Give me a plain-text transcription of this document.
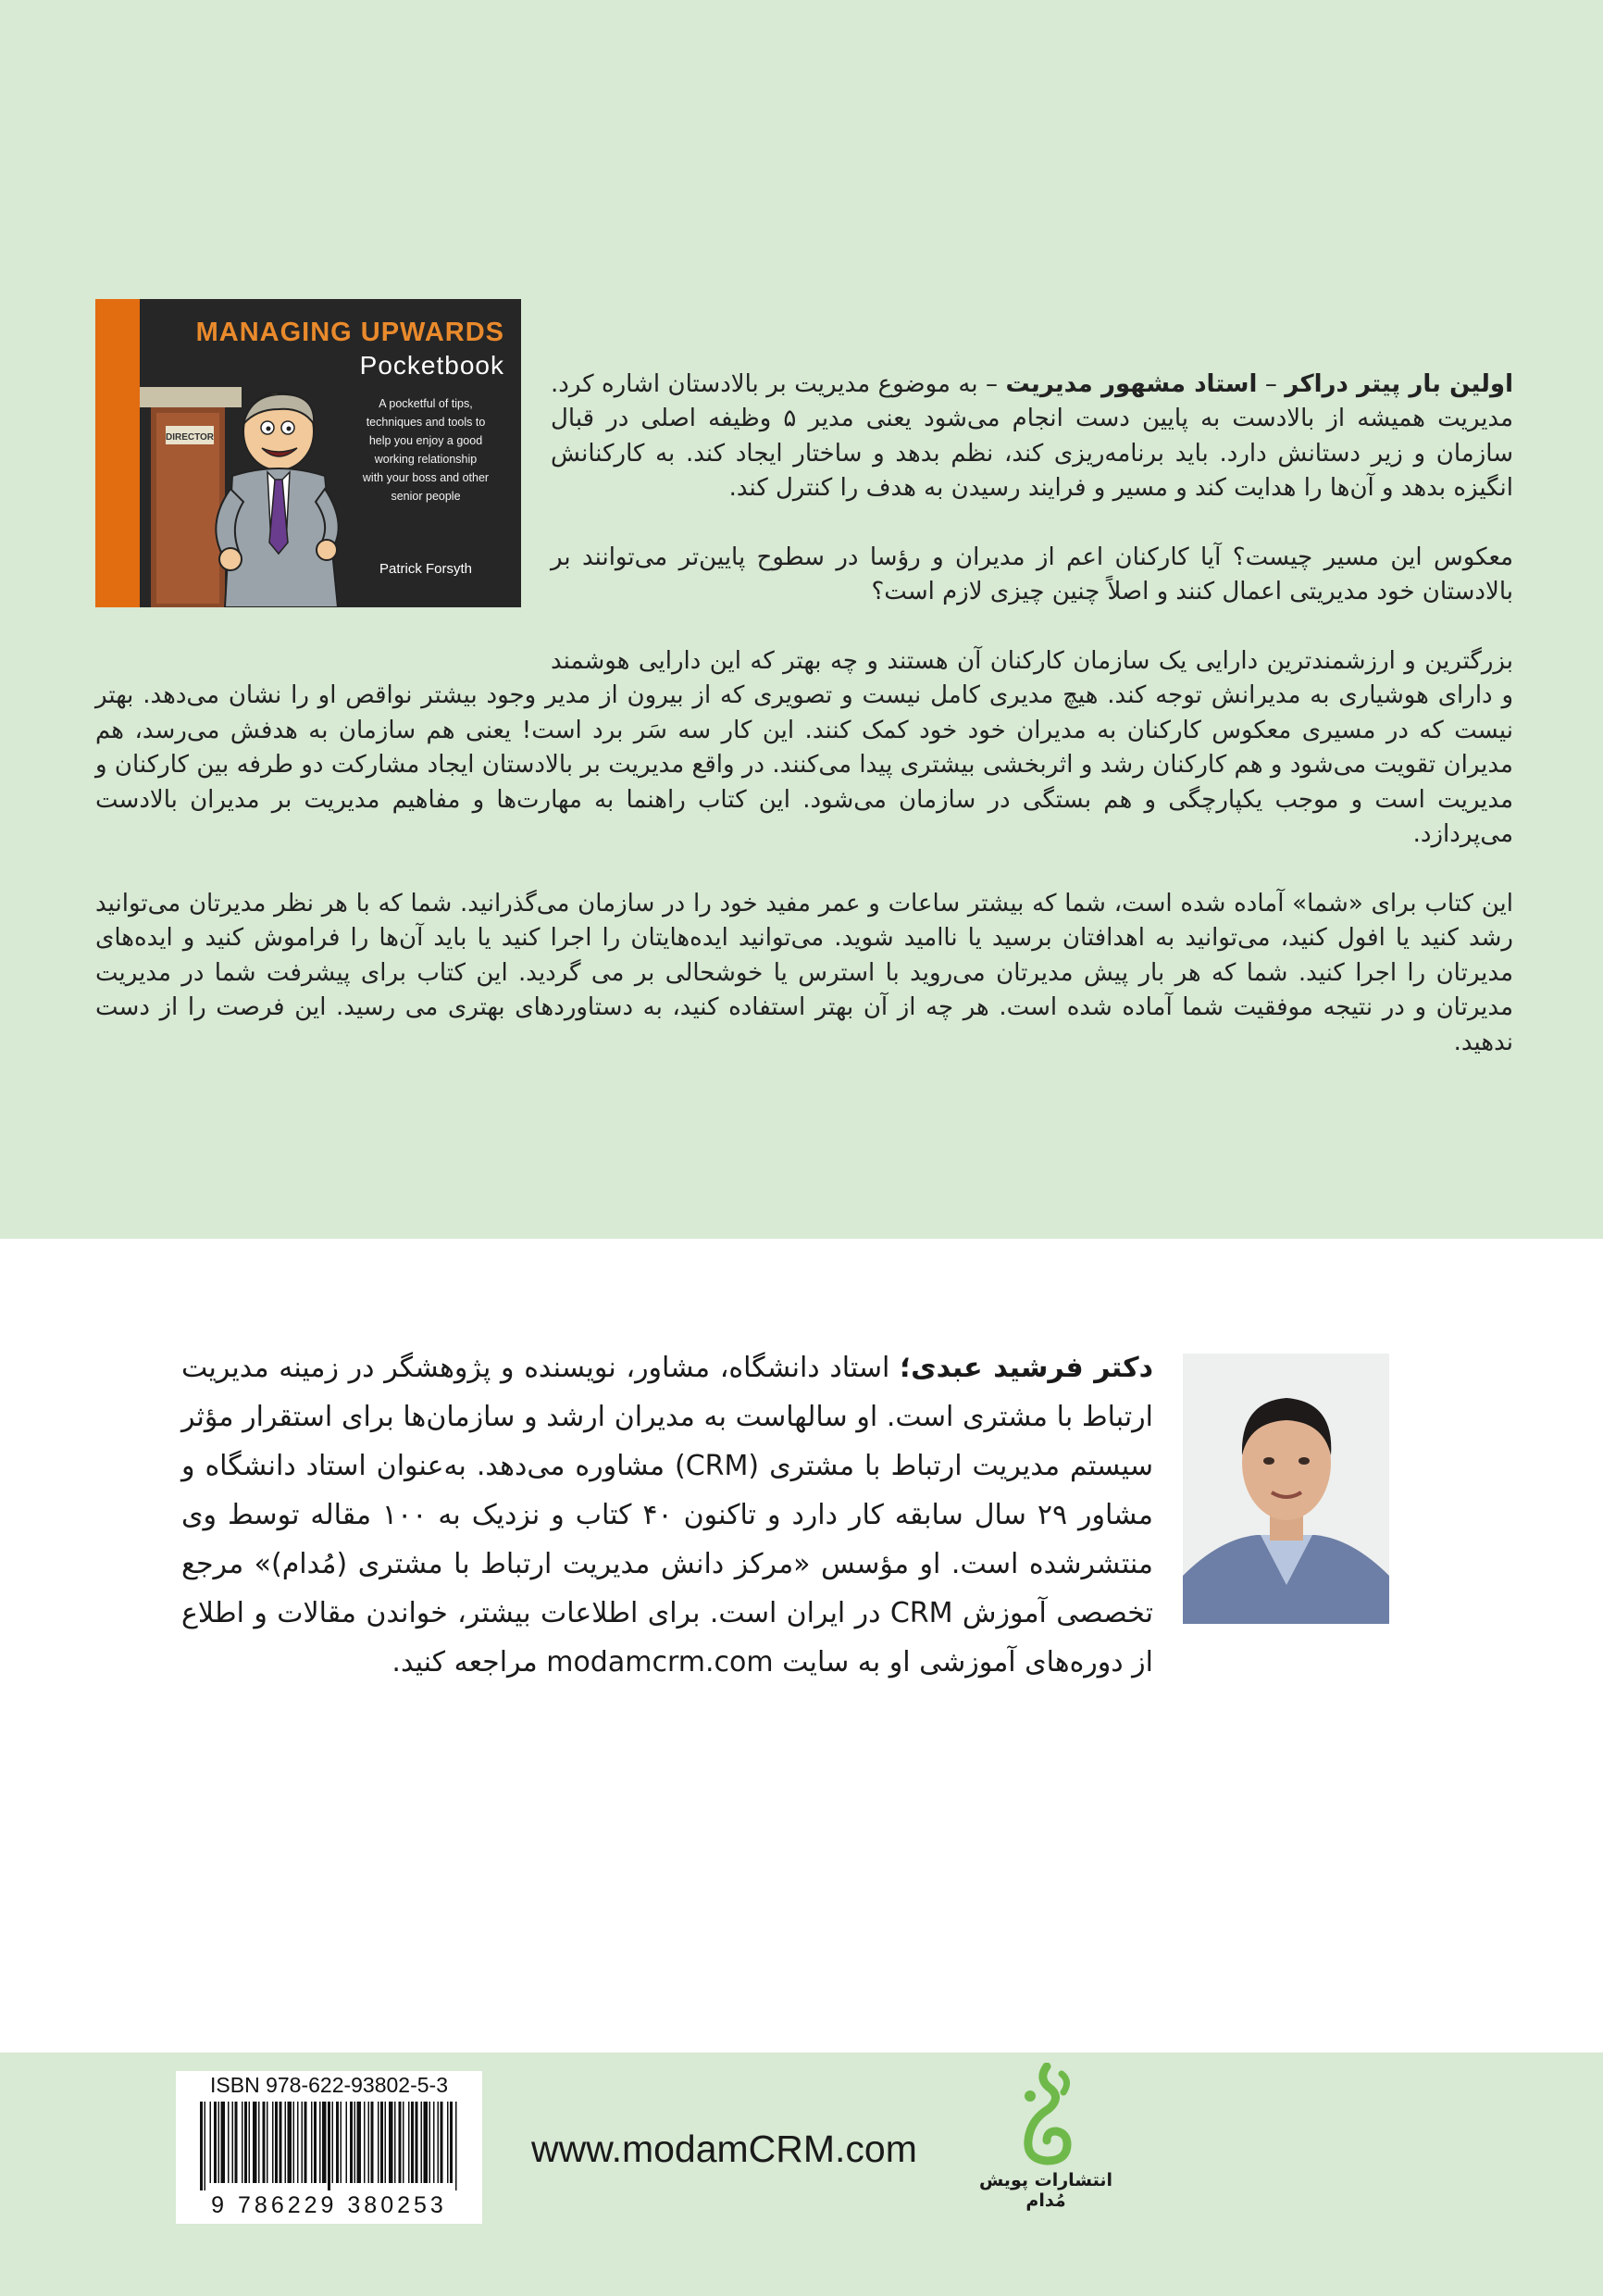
MANAGING UPWARDS
Pocketbook
DIRECTOR
A pocketful of tips,
techniques and tools to
help you enjoy a good
working relationship
with your boss and other
senior people
Patrick Forsyth

اولین بار پیتر دراکر – استاد مشهور مدیریت – به موضوع مدیریت بر بالادستان اشاره کرد. مدیریت همیشه از بالادست به پایین دست انجام می‌شود یعنی مدیر ۵ وظیفه اصلی در قبال سازمان و زیر دستانش دارد. باید برنامه‌ریزی کند، نظم بدهد و ساختار ایجاد کند. به کارکنانش انگیزه بدهد و آن‌ها را هدایت کند و مسیر و فرایند رسیدن به هدف را کنترل کند.

معکوس این مسیر چیست؟ آیا کارکنان اعم از مدیران و رؤسا در سطوح پایین‌تر می‌توانند بر بالادستان خود مدیریتی اعمال کنند و اصلاً چنین چیزی لازم است؟

بزرگترین و ارزشمندترین دارایی یک سازمان کارکنان آن هستند و چه بهتر که این دارایی هوشمند و دارای هوشیاری به مدیرانش توجه کند. هیچ مدیری کامل نیست و تصویری که از بیرون از مدیر وجود بیشتر نواقص او را نشان می‌دهد. بهتر نیست که در مسیری معکوس کارکنان به مدیران خود خود کمک کنند. این کار سه سَر برد است! یعنی هم سازمان به هدفش می‌رسد، هم مدیران تقویت می‌شود و هم کارکنان رشد و اثربخشی بیشتری پیدا می‌کنند. در واقع مدیریت بر بالادستان ایجاد مشارکت دو طرفه بین کارکنان و مدیریت است و موجب یکپارچگی و هم بستگی در سازمان می‌شود. این کتاب راهنما به مهارت‌ها و مفاهیم مدیریت بر مدیران بالادست می‌پردازد.

این کتاب برای «شما» آماده شده است، شما که بیشتر ساعات و عمر مفید خود را در سازمان می‌گذرانید. شما که با هر نظر مدیرتان می‌توانید رشد کنید یا افول کنید، می‌توانید به اهدافتان برسید یا ناامید شوید. می‌توانید ایده‌هایتان را اجرا کنید یا باید آن‌ها را فراموش کنید و ایده‌های مدیرتان را اجرا کنید. شما که هر بار پیش مدیرتان می‌روید با استرس یا خوشحالی بر می گردید. این کتاب برای پیشرفت شما در مدیریت مدیرتان و در نتیجه موفقیت شما آماده شده است. هر چه از آن بهتر استفاده کنید، به دستاوردهای بهتری می رسید. این فرصت را از دست ندهید.

دکتر فرشید عبدی؛ استاد دانشگاه، مشاور، نویسنده و پژوهشگر در زمینه مدیریت ارتباط با مشتری است. او سالهاست به مدیران ارشد و سازمان‌ها برای استقرار مؤثر سیستم مدیریت ارتباط با مشتری (CRM) مشاوره می‌دهد. به‌عنوان استاد دانشگاه و مشاور ۲۹ سال سابقه کار دارد و تاکنون ۴۰ کتاب و نزدیک به ۱۰۰ مقاله توسط وی منتشرشده است. او مؤسس «مرکز دانش مدیریت ارتباط با مشتری (مُدام)» مرجع تخصصی آموزش CRM در ایران است. برای اطلاعات بیشتر، خواندن مقالات و اطلاع از دوره‌های آموزشی او به سایت modamcrm.com مراجعه کنید.
ISBN 978-622-93802-5-3
9 786229 380253
www.modamCRM.com
انتشارات پویش مُدام
